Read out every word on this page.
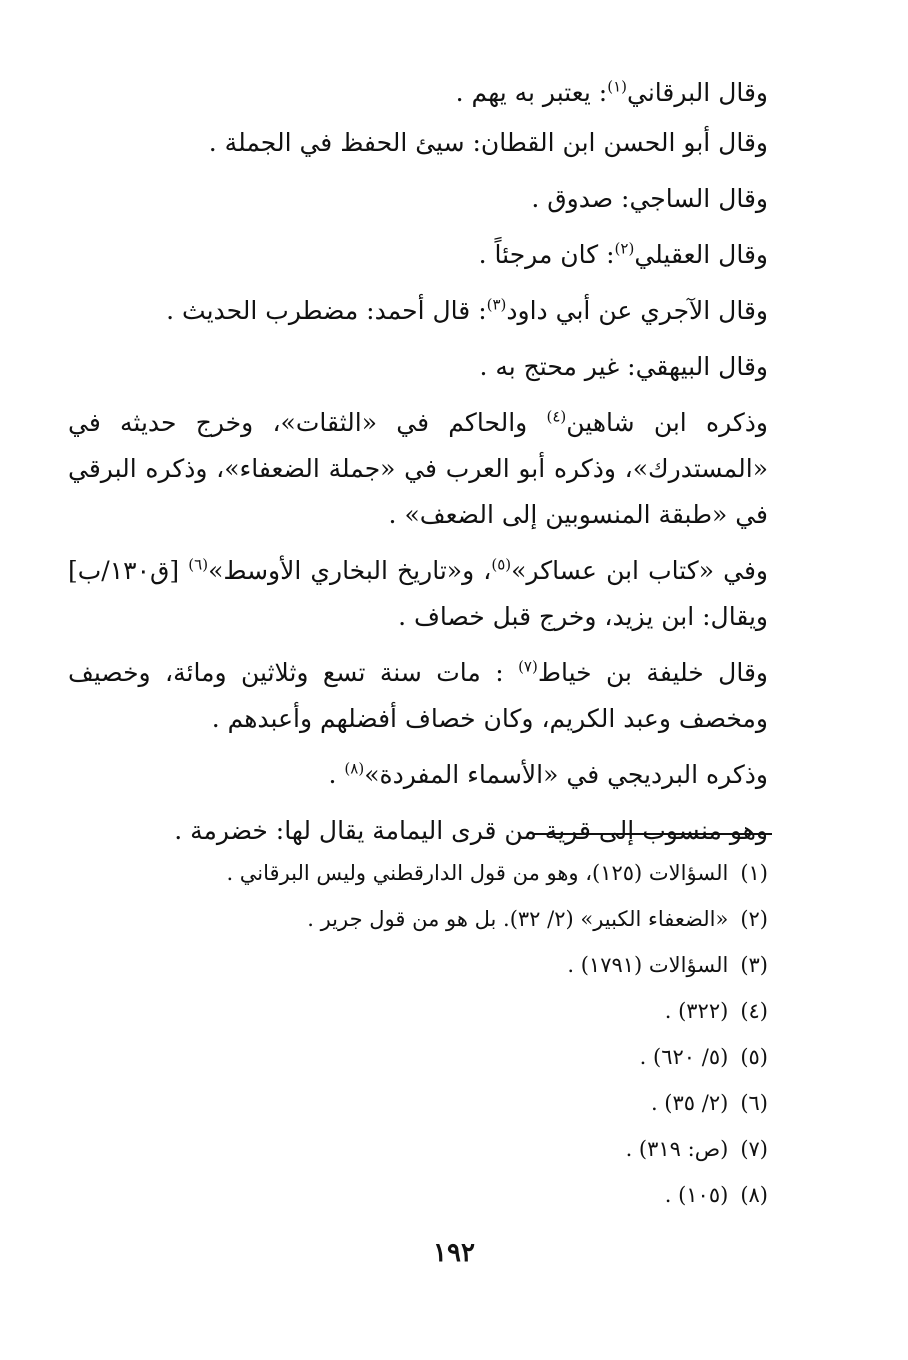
وقال البرقاني$^{(١)}$: يعتبر به يهم .

وقال أبو الحسن ابن القطان: سيئ الحفظ في الجملة .

وقال الساجي: صدوق .

وقال العقيلي$^{(٢)}$: كان مرجئاً .

وقال الآجري عن أبي داود$^{(٣)}$: قال أحمد: مضطرب الحديث .

وقال البيهقي: غير محتج به .

وذكره ابن شاهين$^{(٤)}$ والحاكم في «الثقات»، وخرج حديثه في «المستدرك»، وذكره أبو العرب في «جملة الضعفاء»، وذكره البرقي في «طبقة المنسوبين إلى الضعف» .

وفي «كتاب ابن عساكر»$^{(٥)}$، و«تاريخ البخاري الأوسط»$^{(٦)}$ [ق١٣٠/ب] ويقال: ابن يزيد، وخرج قبل خصاف .

وقال خليفة بن خياط$^{(٧)}$ : مات سنة تسع وثلاثين ومائة، وخصيف ومخصف وعبد الكريم، وكان خصاف أفضلهم وأعبدهم .

وذكره البرديجي في «الأسماء المفردة»$^{(٨)}$ .

وهو منسوب إلى قرية من قرى اليمامة يقال لها: خضرمة .

(١)السؤالات (١٢٥)، وهو من قول الدارقطني وليس البرقاني .

(٢)«الضعفاء الكبير» (٢/ ٣٢). بل هو من قول جرير .

(٣)السؤالات (١٧٩١) .

(٤)(٣٢٢) .

(٥)(٥/ ٦٢٠) .

(٦)(٢/ ٣٥) .

(٧)(ص: ٣١٩) .

(٨)(١٠٥) .

١٩٢
